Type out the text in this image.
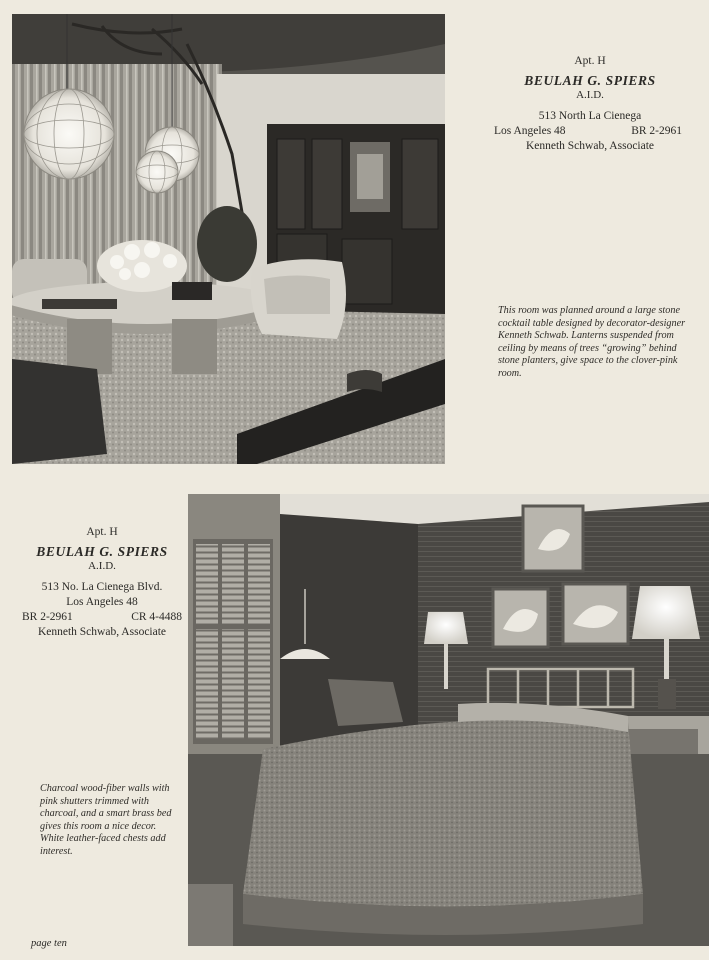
Apt. H
BEULAH G. SPIERS
A.I.D.
513 North La Cienega
Los Angeles 48	BR 2-2961
Kenneth Schwab, Associate
This room was planned around a large stone cocktail table designed by decorator-designer Kenneth Schwab. Lanterns suspended from ceiling by means of trees “growing” behind stone planters, give space to the clover-pink room.
Apt. H
BEULAH G. SPIERS
A.I.D.
513 No. La Cienega Blvd.
Los Angeles 48
BR 2-2961	CR 4-4488
Kenneth Schwab, Associate
Charcoal wood-fiber walls with pink shutters trimmed with charcoal, and a smart brass bed gives this room a nice decor. White leather-faced chests add interest.
page ten
